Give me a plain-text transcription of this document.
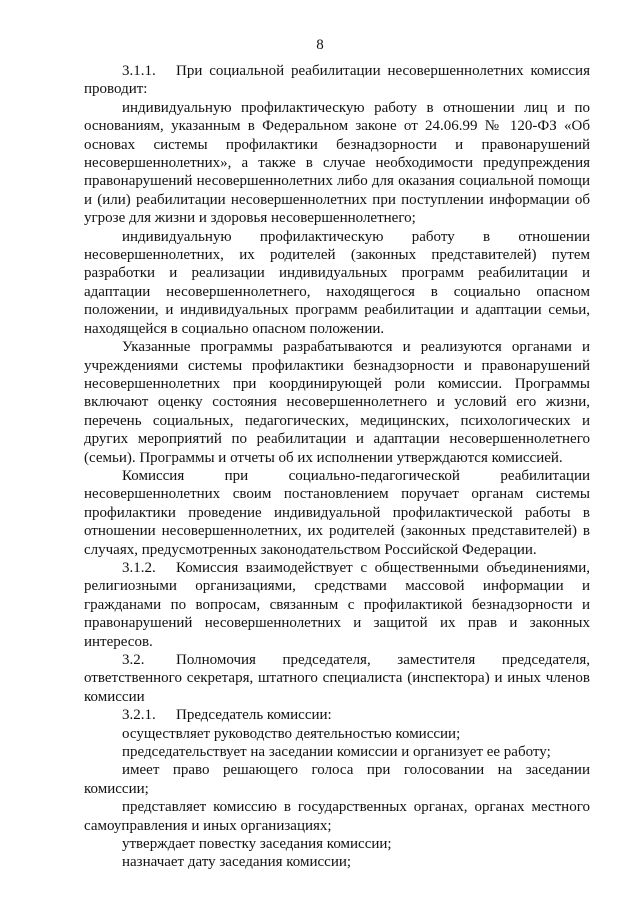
8

3.1.1. При социальной реабилитации несовершеннолетних комиссия проводит:

индивидуальную профилактическую работу в отношении лиц и по основаниям, указанным в Федеральном законе от 24.06.99 № 120-ФЗ «Об основах системы профилактики безнадзорности и правонарушений несовершеннолетних», а также в случае необходимости предупреждения правонарушений несовершеннолетних либо для оказания социальной помощи и (или) реабилитации несовершеннолетних при поступлении информации об угрозе для жизни и здоровья несовершеннолетнего;

индивидуальную профилактическую работу в отношении несовершеннолетних, их родителей (законных представителей) путем разработки и реализации индивидуальных программ реабилитации и адаптации несовершеннолетнего, находящегося в социально опасном положении, и индивидуальных программ реабилитации и адаптации семьи, находящейся в социально опасном положении.

Указанные программы разрабатываются и реализуются органами и учреждениями системы профилактики безнадзорности и правонарушений несовершеннолетних при координирующей роли комиссии. Программы включают оценку состояния несовершеннолетнего и условий его жизни, перечень социальных, педагогических, медицинских, психологических и других мероприятий по реабилитации и адаптации несовершеннолетнего (семьи). Программы и отчеты об их исполнении утверждаются комиссией.

Комиссия при социально-педагогической реабилитации несовершеннолетних своим постановлением поручает органам системы профилактики проведение индивидуальной профилактической работы в отношении несовершеннолетних, их родителей (законных представителей) в случаях, предусмотренных законодательством Российской Федерации.

3.1.2. Комиссия взаимодействует с общественными объединениями, религиозными организациями, средствами массовой информации и гражданами по вопросам, связанным с профилактикой безнадзорности и правонарушений несовершеннолетних и защитой их прав и законных интересов.

3.2. Полномочия председателя, заместителя председателя, ответственного секретаря, штатного специалиста (инспектора) и иных членов комиссии

3.2.1. Председатель комиссии:

осуществляет руководство деятельностью комиссии;

председательствует на заседании комиссии и организует ее работу;

имеет право решающего голоса при голосовании на заседании комиссии;

представляет комиссию в государственных органах, органах местного самоуправления и иных организациях;

утверждает повестку заседания комиссии;

назначает дату заседания комиссии;
